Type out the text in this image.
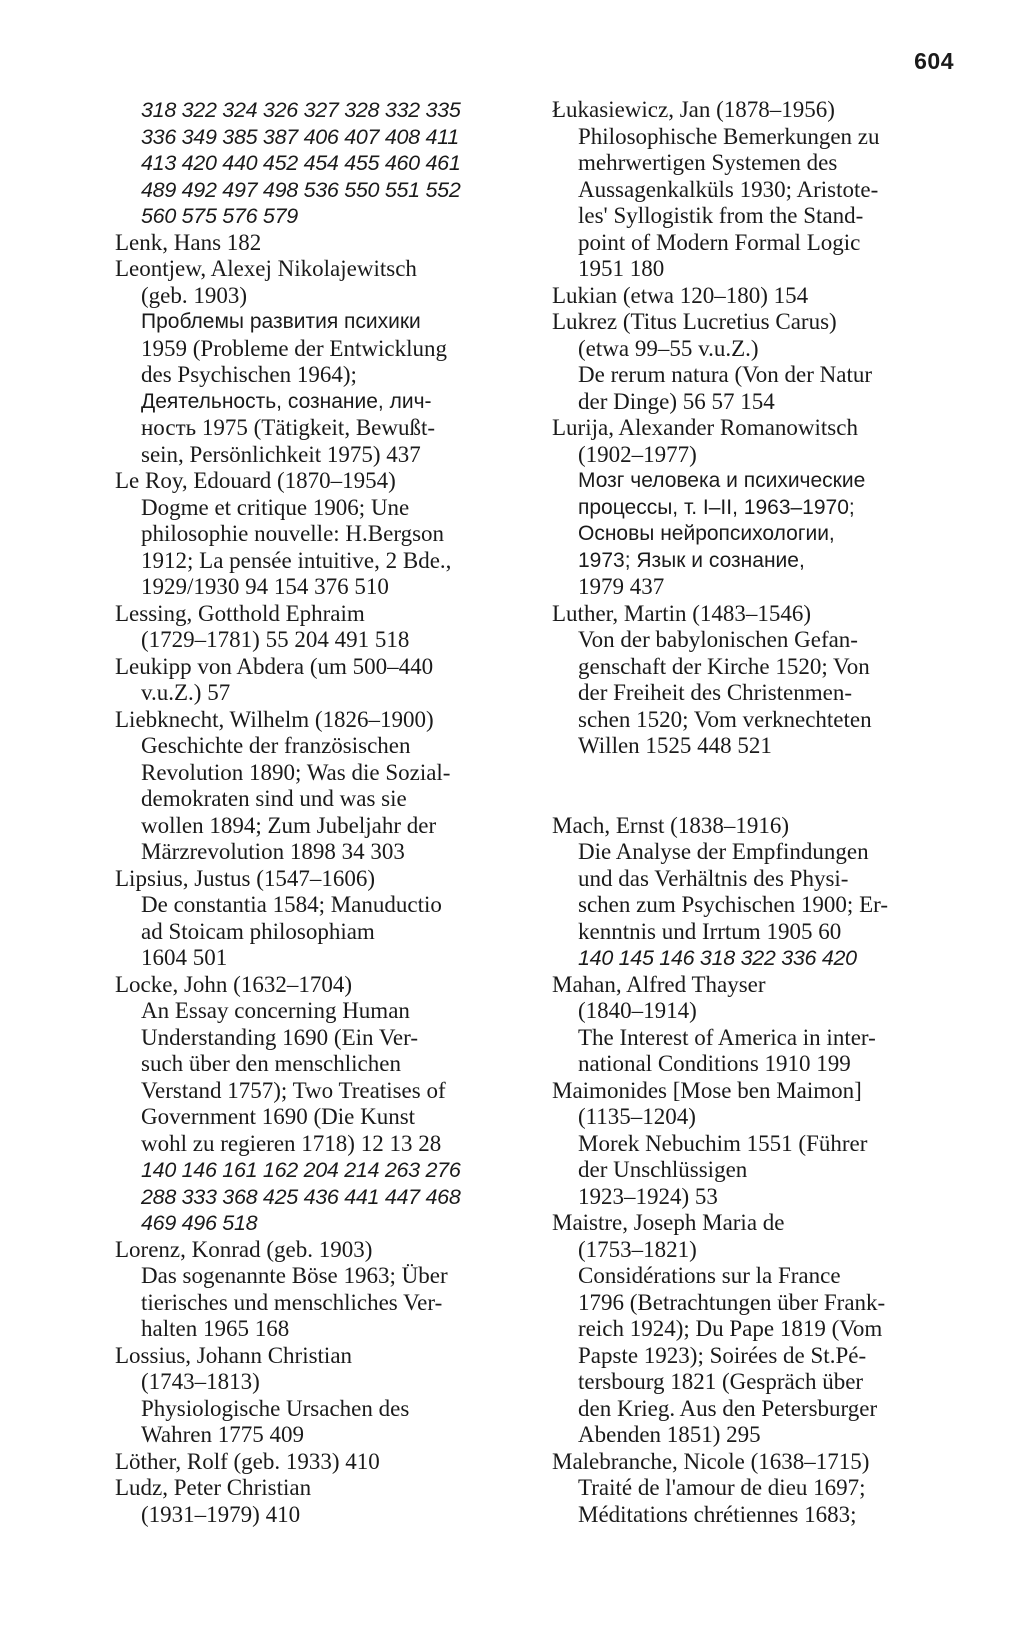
604
318 322 324 326 327 328 332 335
336 349 385 387 406 407 408 411
413 420 440 452 454 455 460 461
489 492 497 498 536 550 551 552
560 575 576 579
Lenk, Hans 182
Leontjew, Alexej Nikolajewitsch
(geb. 1903)
Проблемы развития психики
1959 (Probleme der Entwicklung
des Psychischen 1964);
Деятельность, сознание, лич-
ность 1975 (Tätigkeit, Bewußt-
sein, Persönlichkeit 1975) 437
Le Roy, Edouard (1870–1954)
Dogme et critique 1906; Une
philosophie nouvelle: H.Bergson
1912; La pensée intuitive, 2 Bde.,
1929/1930 94 154 376 510
Lessing, Gotthold Ephraim
(1729–1781) 55 204 491 518
Leukipp von Abdera (um 500–440
v.u.Z.) 57
Liebknecht, Wilhelm (1826–1900)
Geschichte der französischen
Revolution 1890; Was die Sozial-
demokraten sind und was sie
wollen 1894; Zum Jubeljahr der
Märzrevolution 1898 34 303
Lipsius, Justus (1547–1606)
De constantia 1584; Manuductio
ad Stoicam philosophiam
1604 501
Locke, John (1632–1704)
An Essay concerning Human
Understanding 1690 (Ein Ver-
such über den menschlichen
Verstand 1757); Two Treatises of
Government 1690 (Die Kunst
wohl zu regieren 1718) 12 13 28
140 146 161 162 204 214 263 276
288 333 368 425 436 441 447 468
469 496 518
Lorenz, Konrad (geb. 1903)
Das sogenannte Böse 1963; Über
tierisches und menschliches Ver-
halten 1965 168
Lossius, Johann Christian
(1743–1813)
Physiologische Ursachen des
Wahren 1775 409
Löther, Rolf (geb. 1933) 410
Ludz, Peter Christian
(1931–1979) 410
Łukasiewicz, Jan (1878–1956)
Philosophische Bemerkungen zu
mehrwertigen Systemen des
Aussagenkalküls 1930; Aristote-
les' Syllogistik from the Stand-
point of Modern Formal Logic
1951 180
Lukian (etwa 120–180) 154
Lukrez (Titus Lucretius Carus)
(etwa 99–55 v.u.Z.)
De rerum natura (Von der Natur
der Dinge) 56 57 154
Lurija, Alexander Romanowitsch
(1902–1977)
Мозг человека и психические
процессы, т. I–II, 1963–1970;
Основы нейропсихологии,
1973; Язык и сознание,
1979 437
Luther, Martin (1483–1546)
Von der babylonischen Gefan-
genschaft der Kirche 1520; Von
der Freiheit des Christenmen-
schen 1520; Vom verknechteten
Willen 1525 448 521
Mach, Ernst (1838–1916)
Die Analyse der Empfindungen
und das Verhältnis des Physi-
schen zum Psychischen 1900; Er-
kenntnis und Irrtum 1905 60
140 145 146 318 322 336 420
Mahan, Alfred Thayser
(1840–1914)
The Interest of America in inter-
national Conditions 1910 199
Maimonides [Mose ben Maimon]
(1135–1204)
Morek Nebuchim 1551 (Führer
der Unschlüssigen
1923–1924) 53
Maistre, Joseph Maria de
(1753–1821)
Considérations sur la France
1796 (Betrachtungen über Frank-
reich 1924); Du Pape 1819 (Vom
Papste 1923); Soirées de St.Pé-
tersbourg 1821 (Gespräch über
den Krieg. Aus den Petersburger
Abenden 1851) 295
Malebranche, Nicole (1638–1715)
Traité de l'amour de dieu 1697;
Méditations chrétiennes 1683;
